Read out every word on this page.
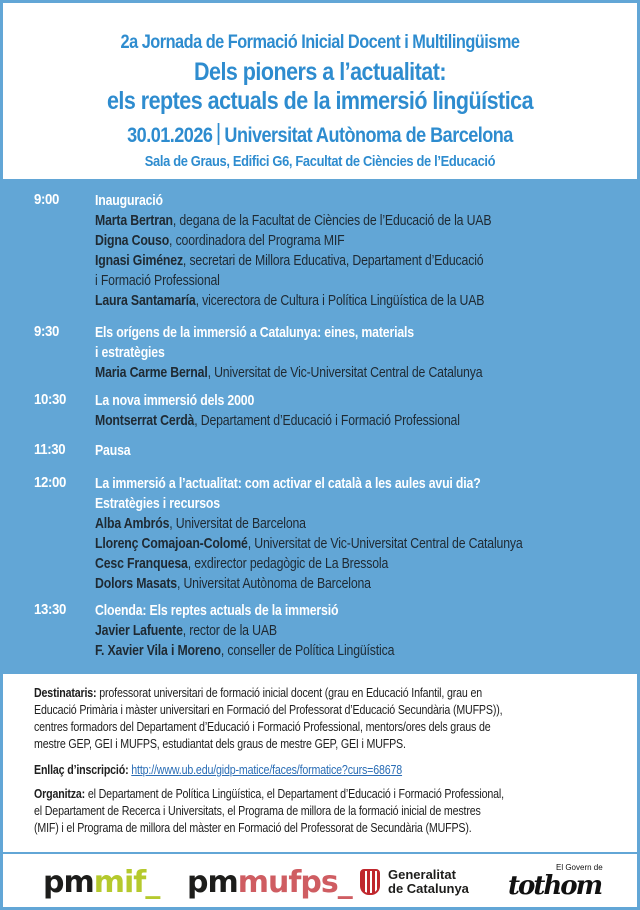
2a Jornada de Formació Inicial Docent i Multilingüisme
Dels pioners a l’actualitat:
els reptes actuals de la immersió lingüística
30.01.2026 Universitat Autònoma de Barcelona
Sala de Graus, Edifici G6, Facultat de Ciències de l’Educació
9:00 Inauguració
Marta Bertran, degana de la Facultat de Ciències de l’Educació de la UAB
Digna Couso, coordinadora del Programa MIF
Ignasi Giménez, secretari de Millora Educativa, Departament d’Educació
i Formació Professional
Laura Santamaría, vicerectora de Cultura i Política Lingüística de la UAB
9:30 Els orígens de la immersió a Catalunya: eines, materials
i estratègies
Maria Carme Bernal, Universitat de Vic-Universitat Central de Catalunya
10:30 La nova immersió dels 2000
Montserrat Cerdà, Departament d’Educació i Formació Professional
11:30 Pausa
12:00 La immersió a l’actualitat: com activar el català a les aules avui dia?
Estratègies i recursos
Alba Ambrós, Universitat de Barcelona
Llorenç Comajoan-Colomé, Universitat de Vic-Universitat Central de Catalunya
Cesc Franquesa, exdirector pedagògic de La Bressola
Dolors Masats, Universitat Autònoma de Barcelona
13:30 Cloenda: Els reptes actuals de la immersió
Javier Lafuente, rector de la UAB
F. Xavier Vila i Moreno, conseller de Política Lingüística

Destinataris: professorat universitari de formació inicial docent (grau en Educació Infantil, grau en

Educació Primària i màster universitari en Formació del Professorat d’Educació Secundària (MUFPS)),

centres formadors del Departament d’Educació i Formació Professional, mentors/ores dels graus de

mestre GEP, GEI i MUFPS, estudiantat dels graus de mestre GEP, GEI i MUFPS.

Enllaç d’inscripció: http://www.ub.edu/gidp-matice/faces/formatice?curs=68678

Organitza: el Departament de Política Lingüística, el Departament d’Educació i Formació Professional,

el Departament de Recerca i Universitats, el Programa de millora de la formació inicial de mestres

(MIF) i el Programa de millora del màster en Formació del Professorat de Secundària (MUFPS).

pmmif_ pmmufps_	Generalitat
de Catalunya
El Govern de
tothom
